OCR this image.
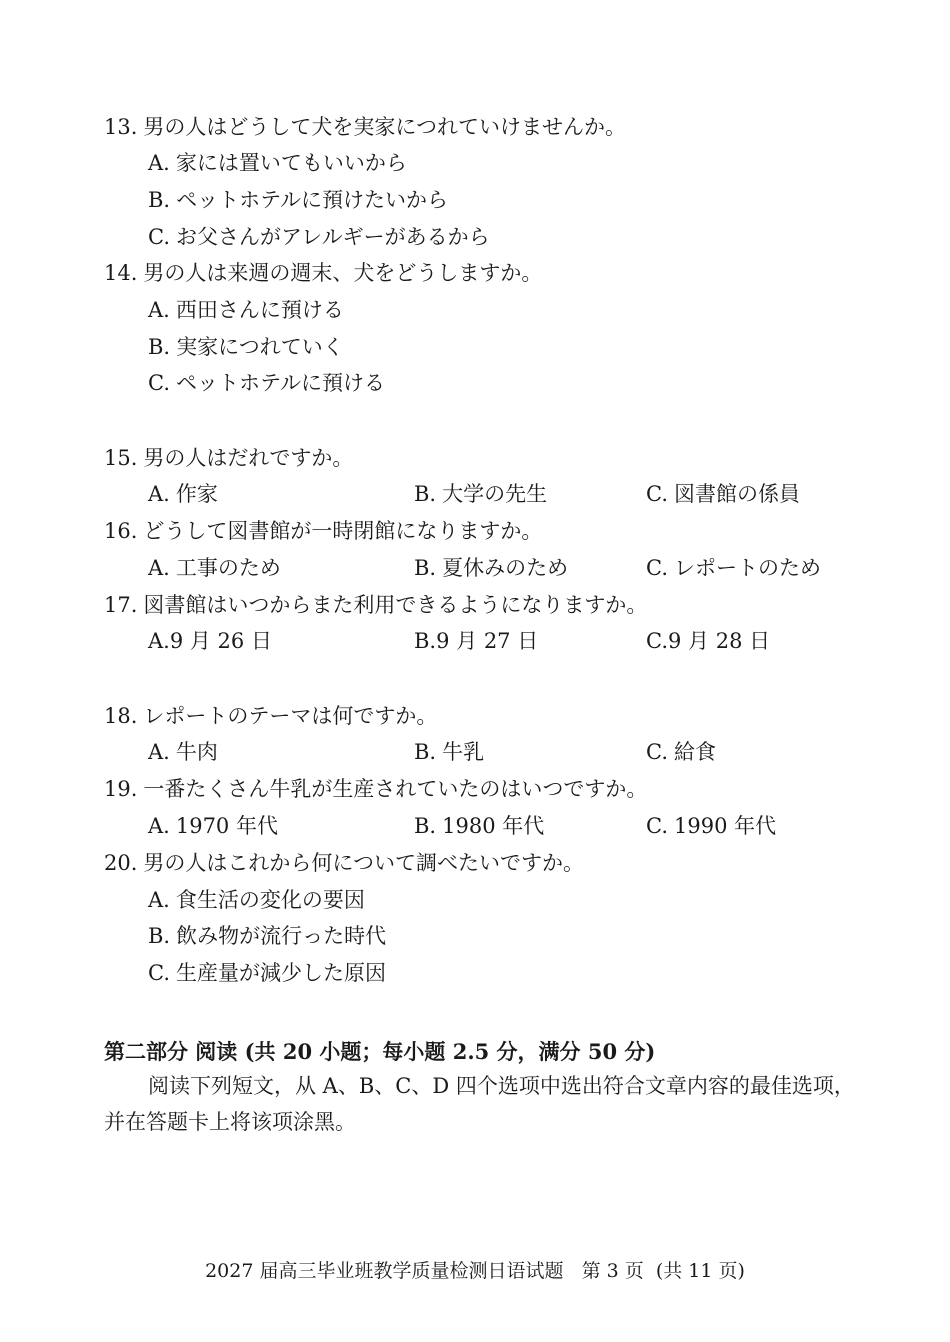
13. 男の人はどうして犬を実家につれていけませんか。
A. 家には置いてもいいから
B. ペットホテルに預けたいから
C. お父さんがアレルギーがあるから
14. 男の人は来週の週末、犬をどうしますか。
A. 西田さんに預ける
B. 実家につれていく
C. ペットホテルに預ける
15. 男の人はだれですか。
A. 作家	B. 大学の先生	C. 図書館の係員
16. どうして図書館が一時閉館になりますか。
A. 工事のため	B. 夏休みのため	C. レポートのため
17. 図書館はいつからまた利用できるようになりますか。
A.9 月 26 日	B.9 月 27 日	C.9 月 28 日
18. レポートのテーマは何ですか。
A. 牛肉	B. 牛乳	C. 給食
19. 一番たくさん牛乳が生産されていたのはいつですか。
A. 1970 年代	B. 1980 年代	C. 1990 年代
20. 男の人はこれから何について調べたいですか。
A. 食生活の変化の要因
B. 飲み物が流行った時代
C. 生産量が減少した原因
第二部分 阅读 (共 20 小题；每小题 2.5 分，满分 50 分)
阅读下列短文，从 A、B、C、D 四个选项中选出符合文章内容的最佳选项，
并在答题卡上将该项涂黑。
2027 届高三毕业班教学质量检测日语试题   第 3 页  (共 11 页)
